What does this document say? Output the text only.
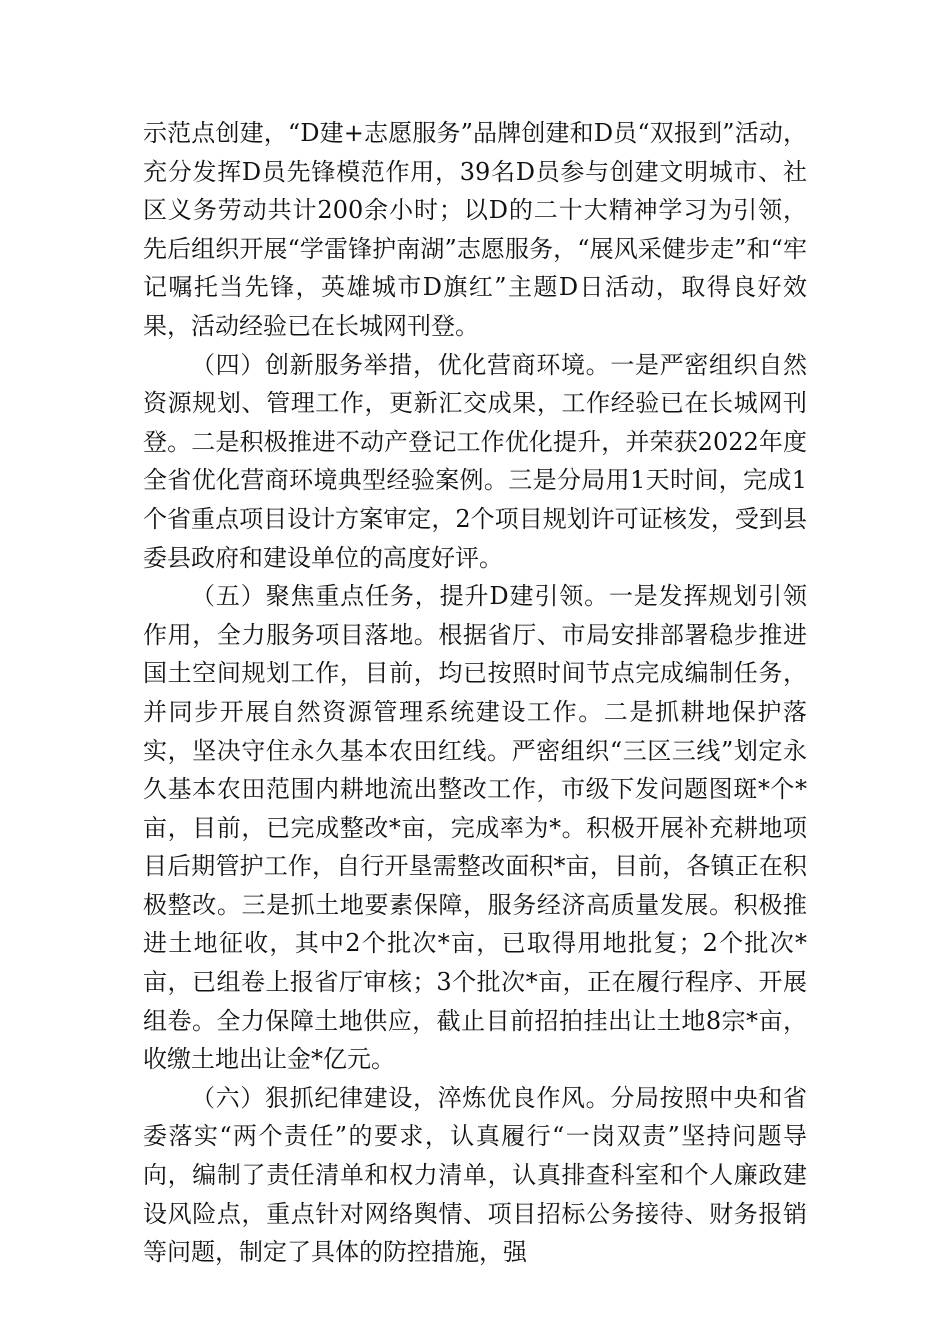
示范点创建，“D建+志愿服务”品牌创建和D员“双报到”活动，充分发挥D员先锋模范作用，39名D员参与创建文明城市、社区义务劳动共计200余小时；以D的二十大精神学习为引领，先后组织开展“学雷锋护南湖”志愿服务，“展风采健步走”和“牢记嘱托当先锋，英雄城市D旗红”主题D日活动，取得良好效果，活动经验已在长城网刊登。

（四）创新服务举措，优化营商环境。一是严密组织自然资源规划、管理工作，更新汇交成果，工作经验已在长城网刊登。二是积极推进不动产登记工作优化提升，并荣获2022年度全省优化营商环境典型经验案例。三是分局用1天时间，完成1个省重点项目设计方案审定，2个项目规划许可证核发，受到县委县政府和建设单位的高度好评。

（五）聚焦重点任务，提升D建引领。一是发挥规划引领作用，全力服务项目落地。根据省厅、市局安排部署稳步推进国土空间规划工作，目前，均已按照时间节点完成编制任务，并同步开展自然资源管理系统建设工作。二是抓耕地保护落实，坚决守住永久基本农田红线。严密组织“三区三线”划定永久基本农田范围内耕地流出整改工作，市级下发问题图斑*个*亩，目前，已完成整改*亩，完成率为*。积极开展补充耕地项目后期管护工作，自行开垦需整改面积*亩，目前，各镇正在积极整改。三是抓土地要素保障，服务经济高质量发展。积极推进土地征收，其中2个批次*亩，已取得用地批复；2个批次*亩，已组卷上报省厅审核；3个批次*亩，正在履行程序、开展组卷。全力保障土地供应，截止目前招拍挂出让土地8宗*亩，收缴土地出让金*亿元。

（六）狠抓纪律建设，淬炼优良作风。分局按照中央和省委落实“两个责任”的要求，认真履行“一岗双责”坚持问题导向，编制了责任清单和权力清单，认真排查科室和个人廉政建设风险点，重点针对网络舆情、项目招标公务接待、财务报销等问题，制定了具体的防控措施，强
